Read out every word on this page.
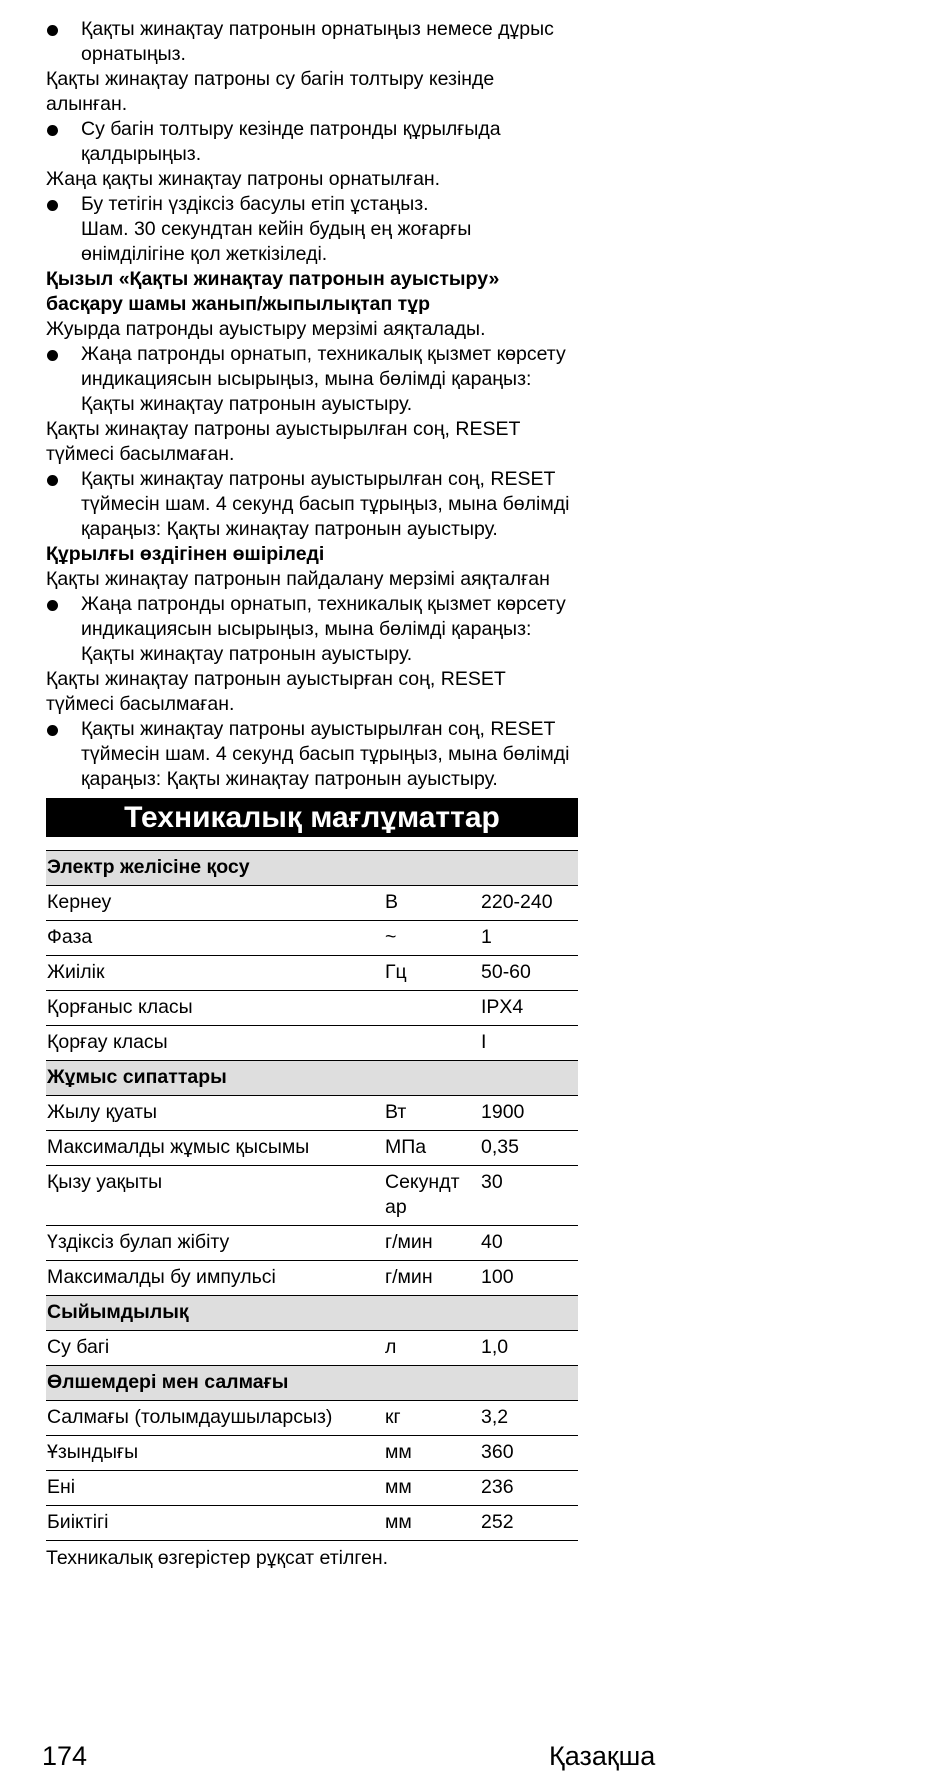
Қақты жинақтау патронын орнатыңыз немесе дұрыс орнатыңыз.
Қақты жинақтау патроны су багін толтыру кезінде алынған.
Су багін толтыру кезінде патронды құрылғыда қалдырыңыз.
Жаңа қақты жинақтау патроны орнатылған.
Бу тетігін үздіксіз басулы етіп ұстаңыз.
Шам. 30 секундтан кейін будың ең жоғарғы өнімділігіне қол жеткізіледі.
Қызыл «Қақты жинақтау патронын ауыстыру» басқару шамы жанып/жыпылықтап тұр
Жуырда патронды ауыстыру мерзімі аяқталады.
Жаңа патронды орнатып, техникалық қызмет көрсету индикациясын ысырыңыз, мына бөлімді қараңыз: Қақты жинақтау патронын ауыстыру.
Қақты жинақтау патроны ауыстырылған соң, RESET түймесі басылмаған.
Қақты жинақтау патроны ауыстырылған соң, RESET түймесін шам. 4 секунд басып тұрыңыз, мына бөлімді қараңыз: Қақты жинақтау патронын ауыстыру.
Құрылғы өздігінен өшіріледі
Қақты жинақтау патронын пайдалану мерзімі аяқталған
Жаңа патронды орнатып, техникалық қызмет көрсету индикациясын ысырыңыз, мына бөлімді қараңыз: Қақты жинақтау патронын ауыстыру.
Қақты жинақтау патронын ауыстырған соң, RESET түймесі басылмаған.
Қақты жинақтау патроны ауыстырылған соң, RESET түймесін шам. 4 секунд басып тұрыңыз, мына бөлімді қараңыз: Қақты жинақтау патронын ауыстыру.
Техникалық мағлұматтар
Электр желісіне қосу		
Кернеу	В	220-240
Фаза	~	1
Жиілік	Гц	50-60
Қорғаныс класы		IPX4
Қорғау класы		I
Жұмыс сипаттары		
Жылу қуаты	Вт	1900
Максималды жұмыс қысымы	МПа	0,35
Қызу уақыты	Секундт ар	30
Үздіксіз булап жібіту	г/мин	40
Максималды бу импульсі	г/мин	100
Сыйымдылық		
Су багі	л	1,0
Өлшемдері мен салмағы		
Салмағы (толымдаушыларсыз)	кг	3,2
Ұзындығы	мм	360
Ені	мм	236
Биіктігі	мм	252
Техникалық өзгерістер рұқсат етілген.
174	Қазақша
